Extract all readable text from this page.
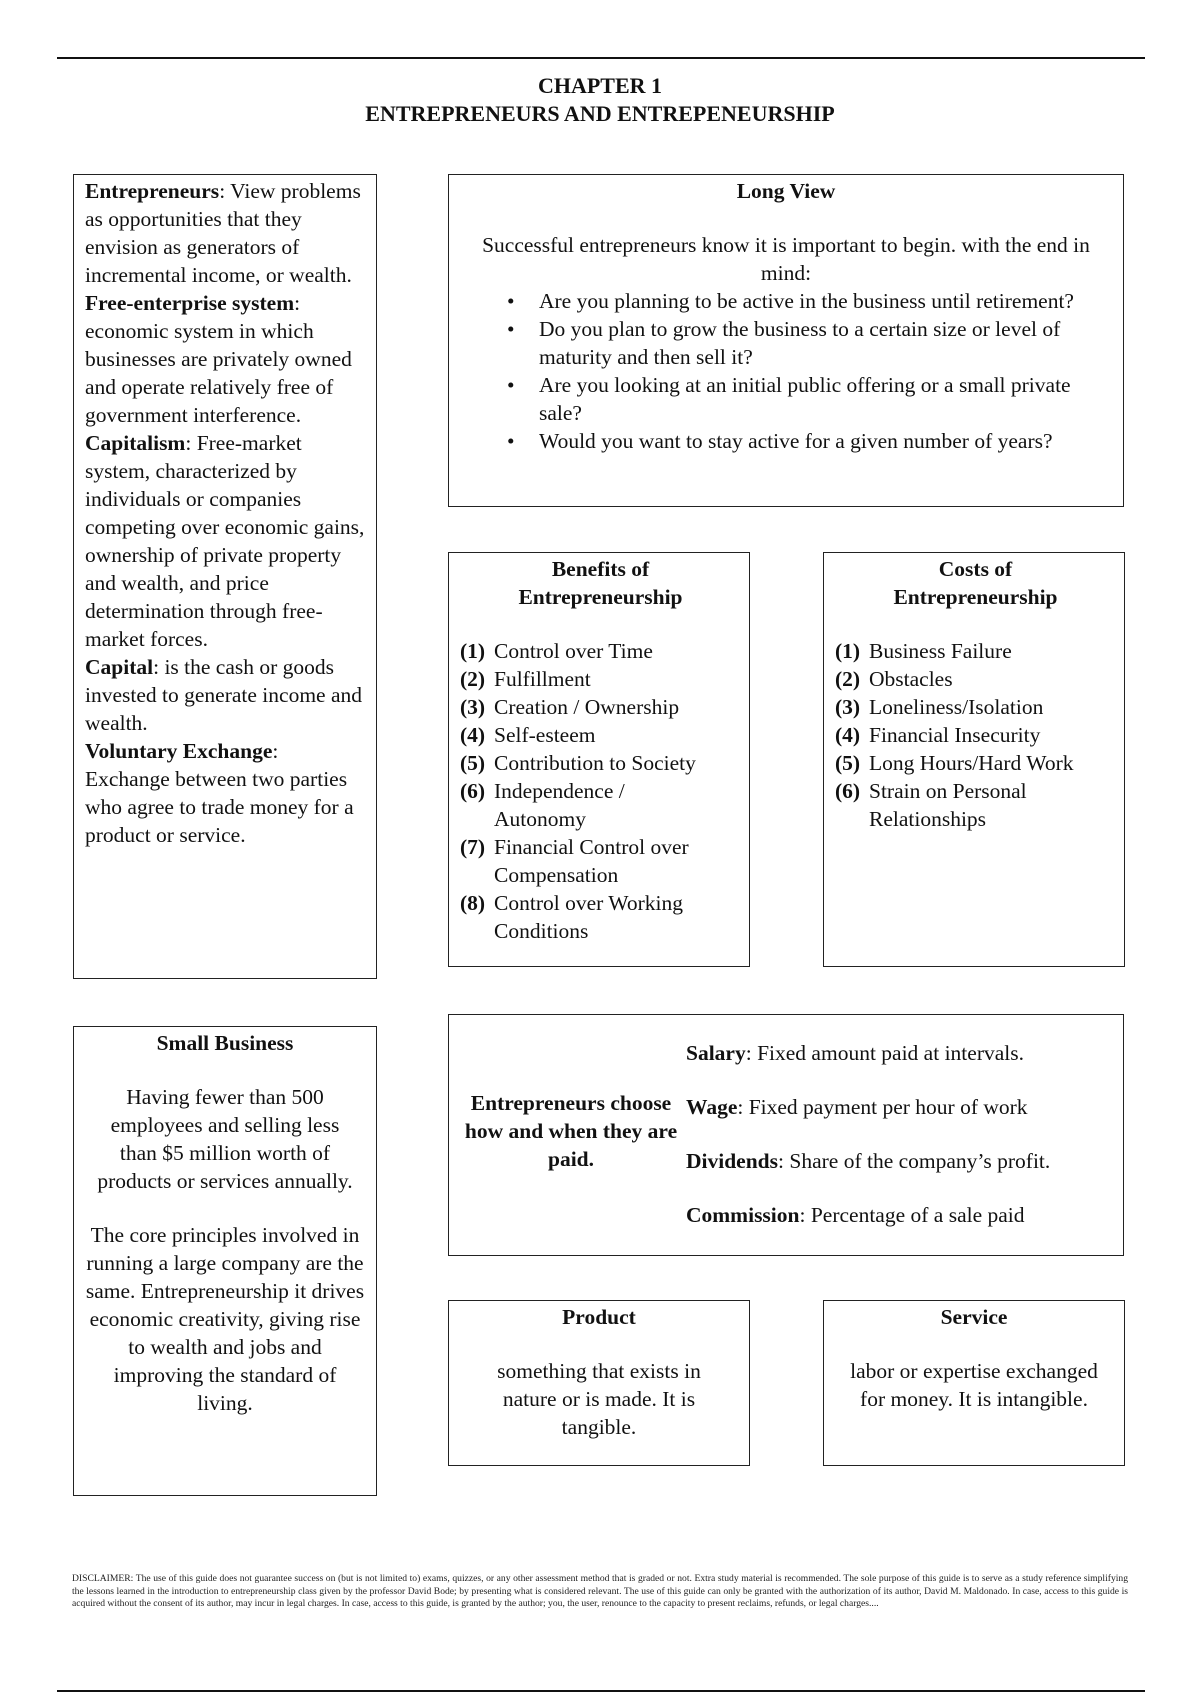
CHAPTER 1
ENTREPRENEURS AND ENTREPENEURSHIP
Entrepreneurs: View problems as opportunities that they envision as generators of incremental income, or wealth.
Free-enterprise system: economic system in which businesses are privately owned and operate relatively free of government interference.
Capitalism: Free-market system, characterized by individuals or companies competing over economic gains, ownership of private property and wealth, and price determination through free-market forces.
Capital: is the cash or goods invested to generate income and wealth.
Voluntary Exchange: Exchange between two parties who agree to trade money for a product or service.
Long View
Successful entrepreneurs know it is important to begin. with the end in mind:
• Are you planning to be active in the business until retirement?
• Do you plan to grow the business to a certain size or level of maturity and then sell it?
• Are you looking at an initial public offering or a small private sale?
• Would you want to stay active for a given number of years?
Benefits of Entrepreneurship
(1) Control over Time
(2) Fulfillment
(3) Creation / Ownership
(4) Self-esteem
(5) Contribution to Society
(6) Independence / Autonomy
(7) Financial Control over Compensation
(8) Control over Working Conditions
Costs of Entrepreneurship
(1) Business Failure
(2) Obstacles
(3) Loneliness/Isolation
(4) Financial Insecurity
(5) Long Hours/Hard Work
(6) Strain on Personal Relationships
Small Business
Having fewer than 500 employees and selling less than $5 million worth of products or services annually.
The core principles involved in running a large company are the same. Entrepreneurship it drives economic creativity, giving rise to wealth and jobs and improving the standard of living.
Entrepreneurs choose how and when they are paid.
Salary: Fixed amount paid at intervals.
Wage: Fixed payment per hour of work
Dividends: Share of the company’s profit.
Commission: Percentage of a sale paid
Product
something that exists in nature or is made. It is tangible.
Service
labor or expertise exchanged for money. It is intangible.
DISCLAIMER: The use of this guide does not guarantee success on (but is not limited to) exams, quizzes, or any other assessment method that is graded or not. Extra study material is recommended. The sole purpose of this guide is to serve as a study reference simplifying the lessons learned in the introduction to entrepreneurship class given by the professor David Bode; by presenting what is considered relevant. The use of this guide can only be granted with the authorization of its author, David M. Maldonado. In case, access to this guide is acquired without the consent of its author, may incur in legal charges. In case, access to this guide, is granted by the author; you, the user, renounce to the capacity to present reclaims, refunds, or legal charges....
